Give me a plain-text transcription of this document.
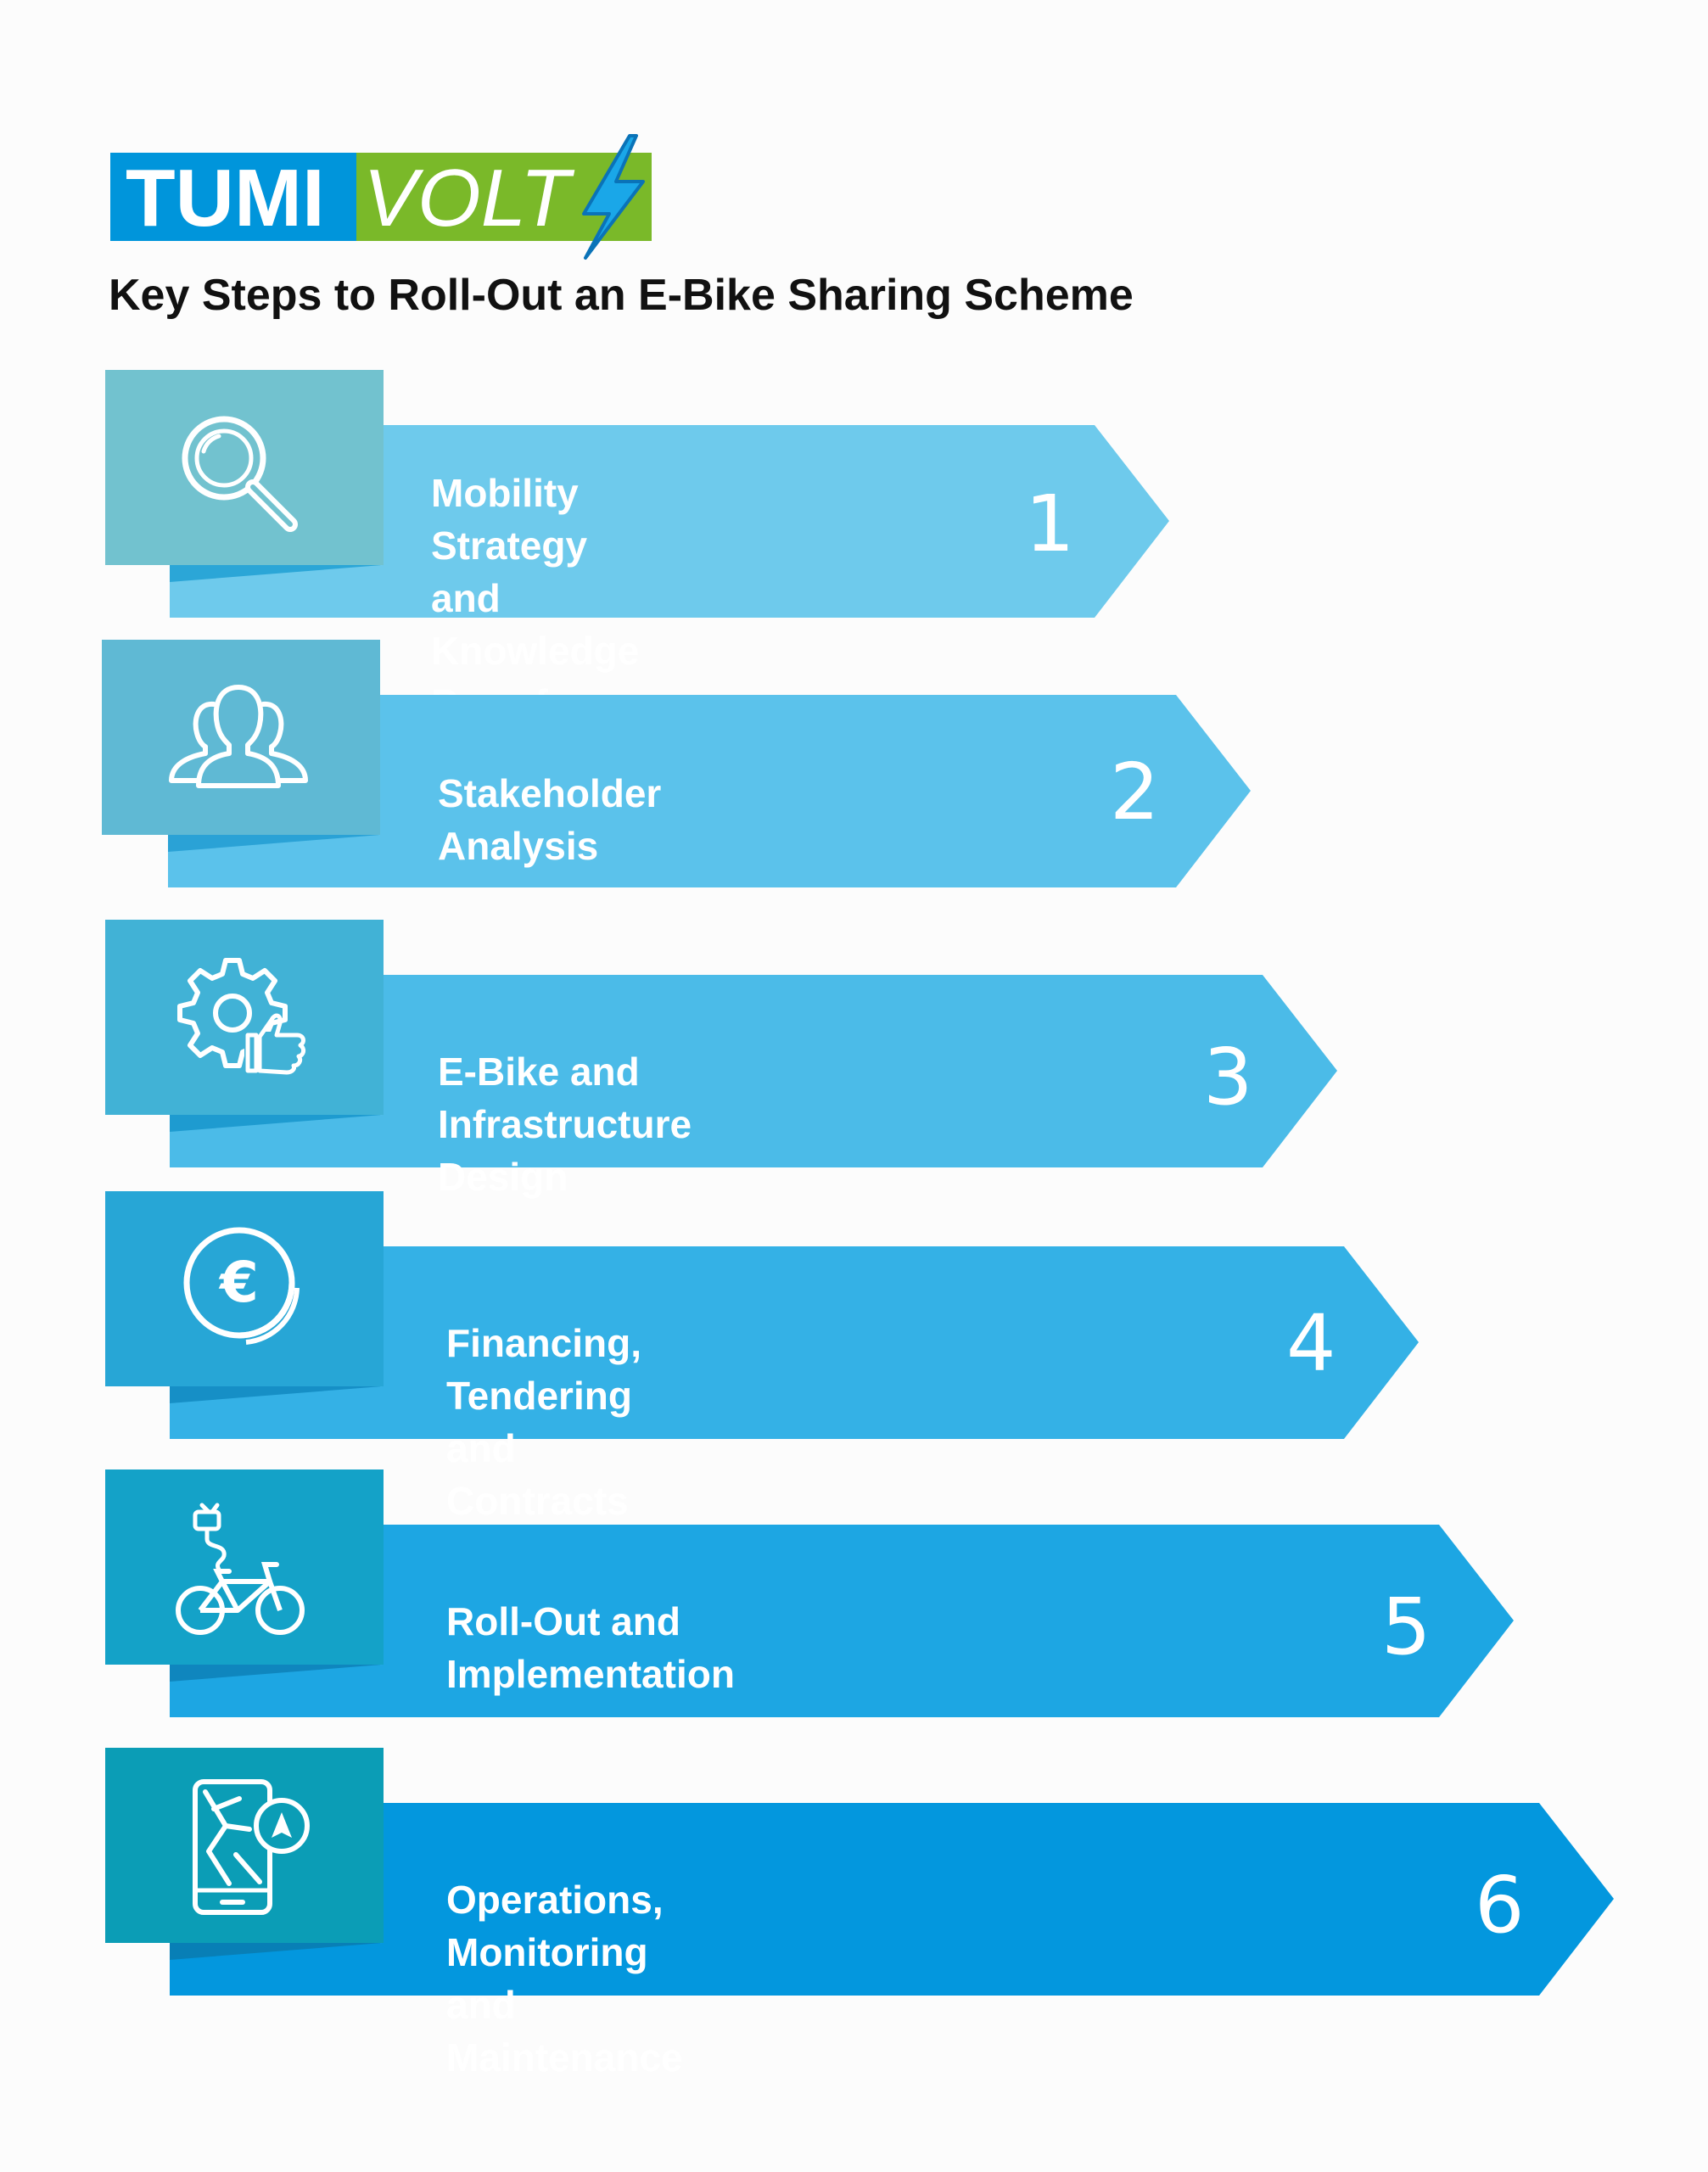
TUMI VOLT
Key Steps to Roll-Out an E-Bike Sharing Scheme
Mobility Strategy and
Knowledge
1
Stakeholder Analysis
2
E-Bike and Infrastructure Design
3
€
Financing, Tendering and Contracts
4
Roll-Out and Implementation
5
Operations, Monitoring and Maintenance
6
